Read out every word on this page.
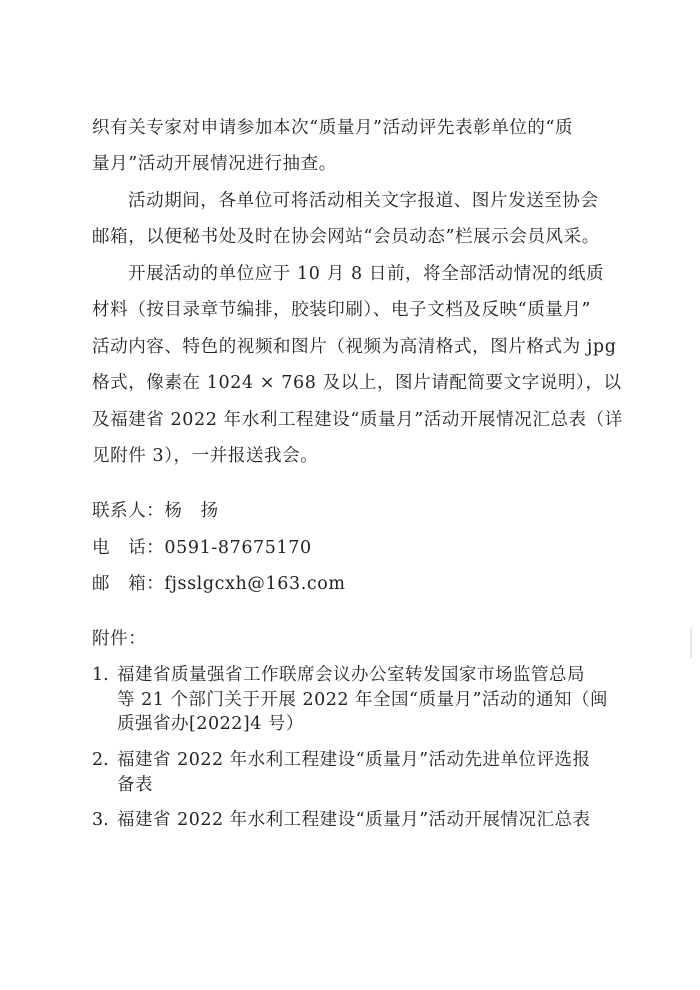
织有关专家对申请参加本次“质量月”活动评先表彰单位的“质
量月”活动开展情况进行抽查。
活动期间，各单位可将活动相关文字报道、图片发送至协会
邮箱，以便秘书处及时在协会网站“会员动态”栏展示会员风采。
开展活动的单位应于 10 月 8 日前，将全部活动情况的纸质
材料（按目录章节编排，胶装印刷）、电子文档及反映“质量月”
活动内容、特色的视频和图片（视频为高清格式，图片格式为 jpg
格式，像素在 1024 × 768 及以上，图片请配简要文字说明），以
及福建省 2022 年水利工程建设“质量月”活动开展情况汇总表（详
见附件 3），一并报送我会。
联系人：杨　扬
电　话：0591-87675170
邮　箱：fjsslgcxh@163.com
附件：
1. 福建省质量强省工作联席会议办公室转发国家市场监管总局
等 21 个部门关于开展 2022 年全国“质量月”活动的通知（闽
质强省办[2022]4 号）
2. 福建省 2022 年水利工程建设“质量月”活动先进单位评选报
备表
3. 福建省 2022 年水利工程建设“质量月”活动开展情况汇总表
